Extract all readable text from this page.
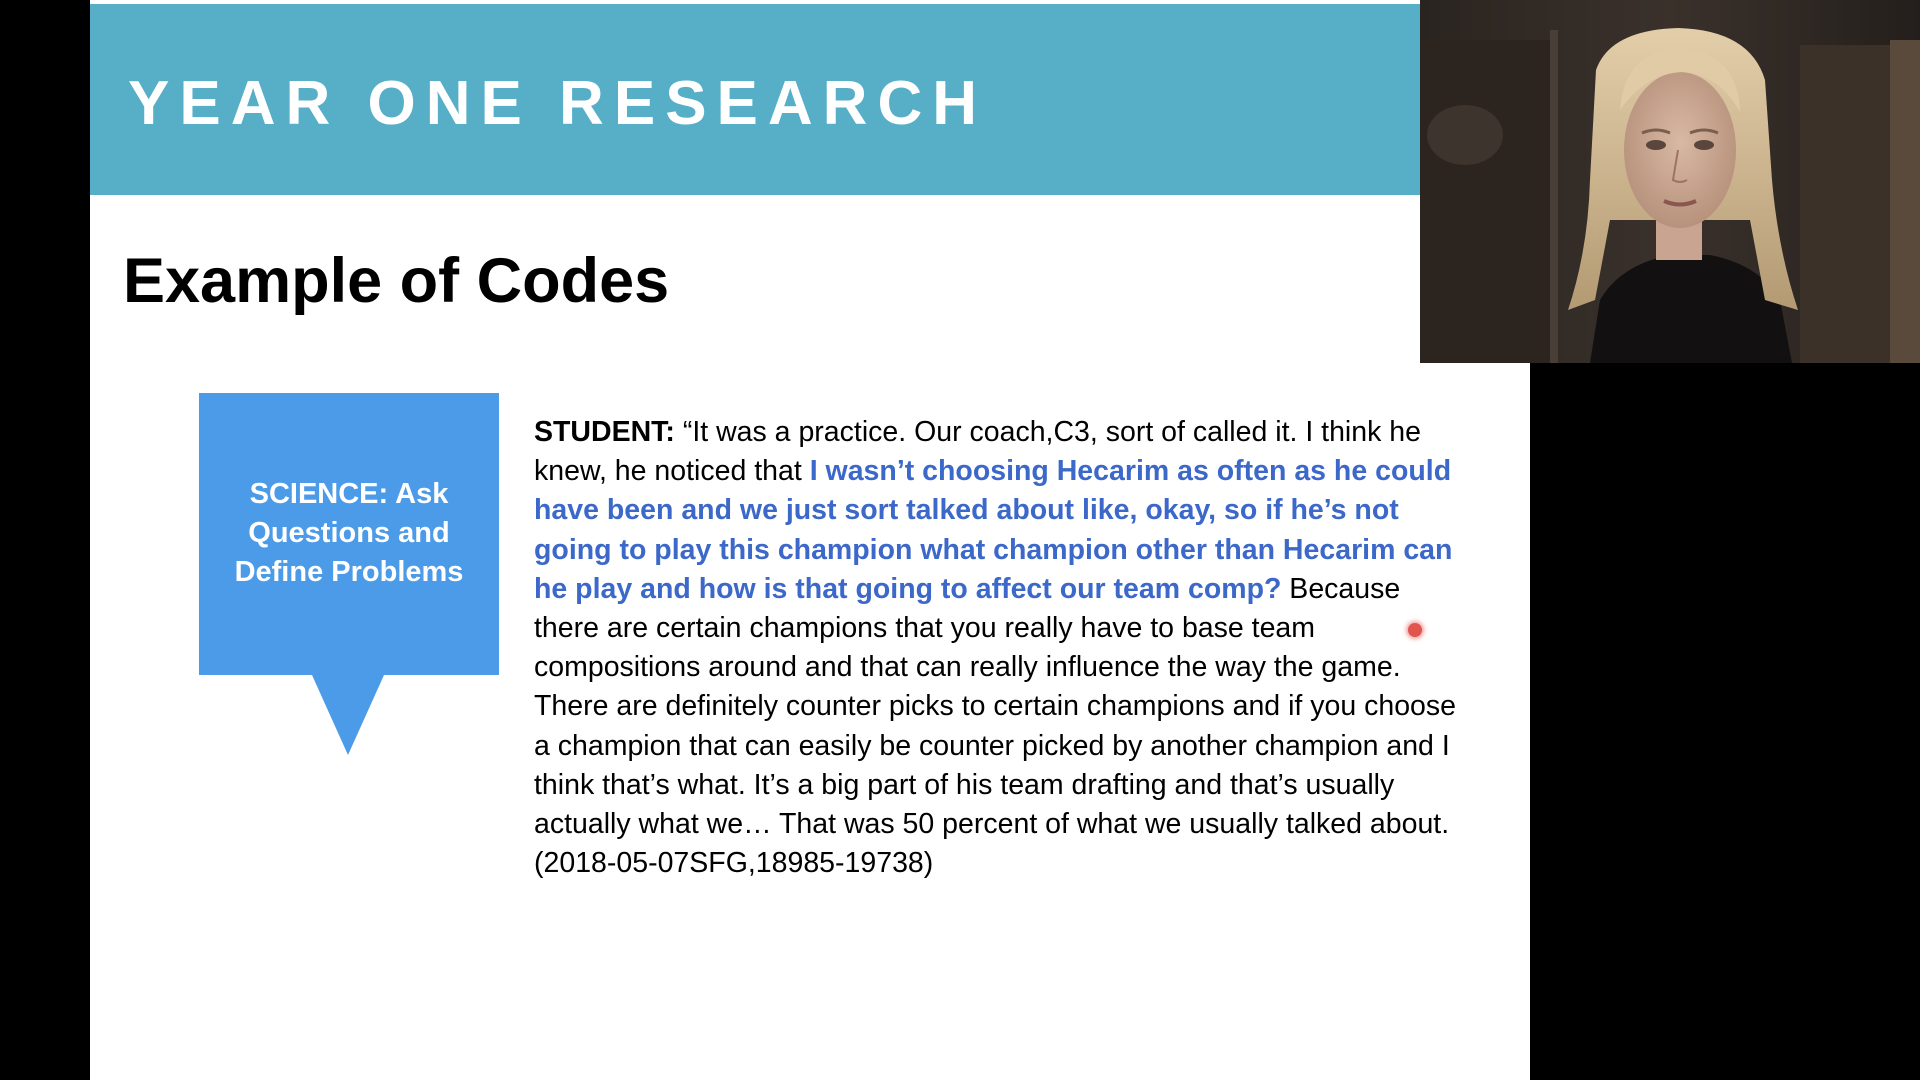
YEAR ONE RESEARCH
Example of Codes
SCIENCE: Ask Questions and Define Problems
STUDENT: “It was a practice. Our coach,C3, sort of called it. I think he knew, he noticed that I wasn’t choosing Hecarim as often as he could have been and we just sort talked about like, okay, so if he’s not going to play this champion what champion other than Hecarim can he play and how is that going to affect our team comp? Because there are certain champions that you really have to base team compositions around and that can really influence the way the game. There are definitely counter picks to certain champions and if you choose a champion that can easily be counter picked by another champion and I think that’s what. It’s a big part of his team drafting and that’s usually actually what we… That was 50 percent of what we usually talked about. (2018-05-07SFG,18985-19738)
